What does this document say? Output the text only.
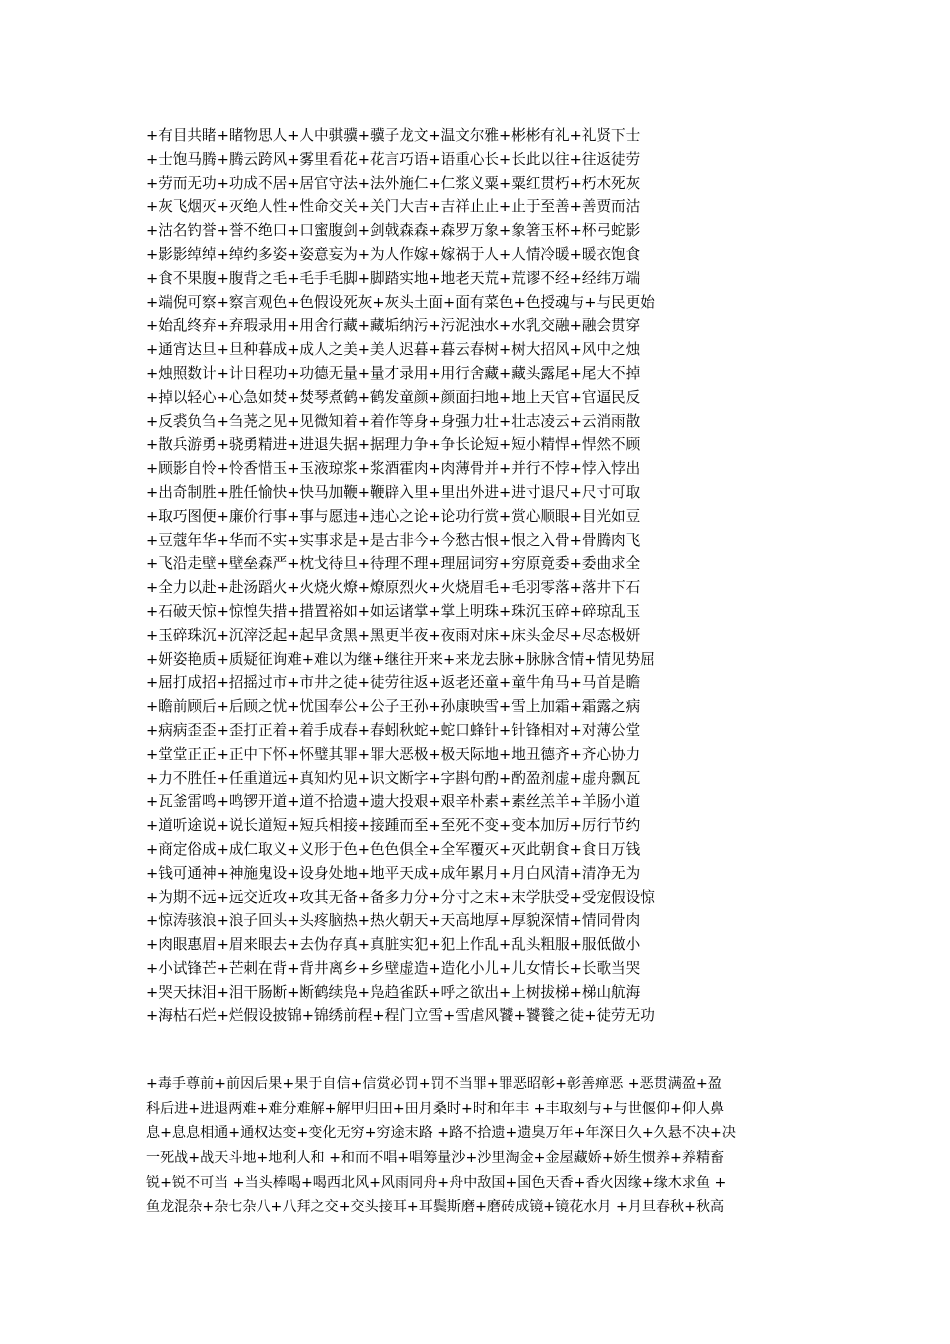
+有目共睹+睹物思人+人中骐骥+骥子龙文+温文尔雅+彬彬有礼+礼贤下士
+士饱马腾+腾云跨风+雾里看花+花言巧语+语重心长+长此以往+往返徒劳
+劳而无功+功成不居+居官守法+法外施仁+仁浆义粟+粟红贯朽+朽木死灰
+灰飞烟灭+灭绝人性+性命交关+关门大吉+吉祥止止+止于至善+善贾而沽
+沽名钓誉+誉不绝口+口蜜腹剑+剑戟森森+森罗万象+象箸玉杯+杯弓蛇影
+影影绰绰+绰约多姿+姿意妄为+为人作嫁+嫁祸于人+人情冷暖+暖衣饱食
+食不果腹+腹背之毛+毛手毛脚+脚踏实地+地老天荒+荒谬不经+经纬万端
+端倪可察+察言观色+色假设死灰+灰头土面+面有菜色+色授魂与+与民更始
+始乱终弃+弃瑕录用+用舍行藏+藏垢纳污+污泥浊水+水乳交融+融会贯穿
+通宵达旦+旦种暮成+成人之美+美人迟暮+暮云春树+树大招风+风中之烛
+烛照数计+计日程功+功德无量+量才录用+用行舍藏+藏头露尾+尾大不掉
+掉以轻心+心急如焚+焚琴煮鹤+鹤发童颜+颜面扫地+地上天官+官逼民反
+反裘负刍+刍荛之见+见微知着+着作等身+身强力壮+壮志凌云+云消雨散
+散兵游勇+骁勇精进+进退失据+据理力争+争长论短+短小精悍+悍然不顾
+顾影自怜+怜香惜玉+玉液琼浆+浆酒霍肉+肉薄骨并+并行不悖+悖入悖出
+出奇制胜+胜任愉快+快马加鞭+鞭辟入里+里出外进+进寸退尺+尺寸可取
+取巧图便+廉价行事+事与愿违+违心之论+论功行赏+赏心顺眼+目光如豆
+豆蔻年华+华而不实+实事求是+是古非今+今愁古恨+恨之入骨+骨腾肉飞
+飞沿走壁+壁垒森严+枕戈待旦+待理不理+理屈词穷+穷原竟委+委曲求全
+全力以赴+赴汤蹈火+火烧火燎+燎原烈火+火烧眉毛+毛羽零落+落井下石
+石破天惊+惊惶失措+措置裕如+如运诸掌+掌上明珠+珠沉玉碎+碎琼乱玉
+玉碎珠沉+沉滓泛起+起早贪黑+黑更半夜+夜雨对床+床头金尽+尽态极妍
+妍姿艳质+质疑征询难+难以为继+继往开来+来龙去脉+脉脉含情+情见势屈
+屈打成招+招摇过市+市井之徒+徒劳往返+返老还童+童牛角马+马首是瞻
+瞻前顾后+后顾之忧+忧国奉公+公子王孙+孙康映雪+雪上加霜+霜露之病
+病病歪歪+歪打正着+着手成春+春蚓秋蛇+蛇口蜂针+针锋相对+对薄公堂
+堂堂正正+正中下怀+怀璧其罪+罪大恶极+极天际地+地丑德齐+齐心协力
+力不胜任+任重道远+真知灼见+识文断字+字斟句酌+酌盈剂虚+虚舟飘瓦
+瓦釜雷鸣+鸣锣开道+道不拾遗+遗大投艰+艰辛朴素+素丝羔羊+羊肠小道
+道听途说+说长道短+短兵相接+接踵而至+至死不变+变本加厉+厉行节约
+商定俗成+成仁取义+义形于色+色色俱全+全军覆灭+灭此朝食+食日万钱
+钱可通神+神施鬼设+设身处地+地平天成+成年累月+月白风清+清净无为
+为期不远+远交近攻+攻其无备+备多力分+分寸之末+末学肤受+受宠假设惊
+惊涛骇浪+浪子回头+头疼脑热+热火朝天+天高地厚+厚貌深情+情同骨肉
+肉眼惠眉+眉来眼去+去伪存真+真脏实犯+犯上作乱+乱头粗服+服低做小
+小试锋芒+芒刺在背+背井离乡+乡壁虚造+造化小儿+儿女情长+长歌当哭
+哭天抹泪+泪干肠断+断鹤续凫+凫趋雀跃+呼之欲出+上树拔梯+梯山航海
+海枯石烂+烂假设披锦+锦绣前程+程门立雪+雪虐风饕+饕餮之徒+徒劳无功
+毒手尊前+前因后果+果于自信+信赏必罚+罚不当罪+罪恶昭彰+彰善瘅恶 +恶贯满盈+盈
科后进+进退两难+难分难解+解甲归田+田月桑时+时和年丰 +丰取刻与+与世偃仰+仰人鼻
息+息息相通+通权达变+变化无穷+穷途末路 +路不拾遗+遗臭万年+年深日久+久悬不决+决
一死战+战天斗地+地利人和 +和而不唱+唱筹量沙+沙里淘金+金屋藏娇+娇生惯养+养精畜
锐+锐不可当 +当头棒喝+喝西北风+风雨同舟+舟中敌国+国色天香+香火因缘+缘木求鱼 +
鱼龙混杂+杂七杂八+八拜之交+交头接耳+耳鬓斯磨+磨砖成镜+镜花水月 +月旦春秋+秋高
